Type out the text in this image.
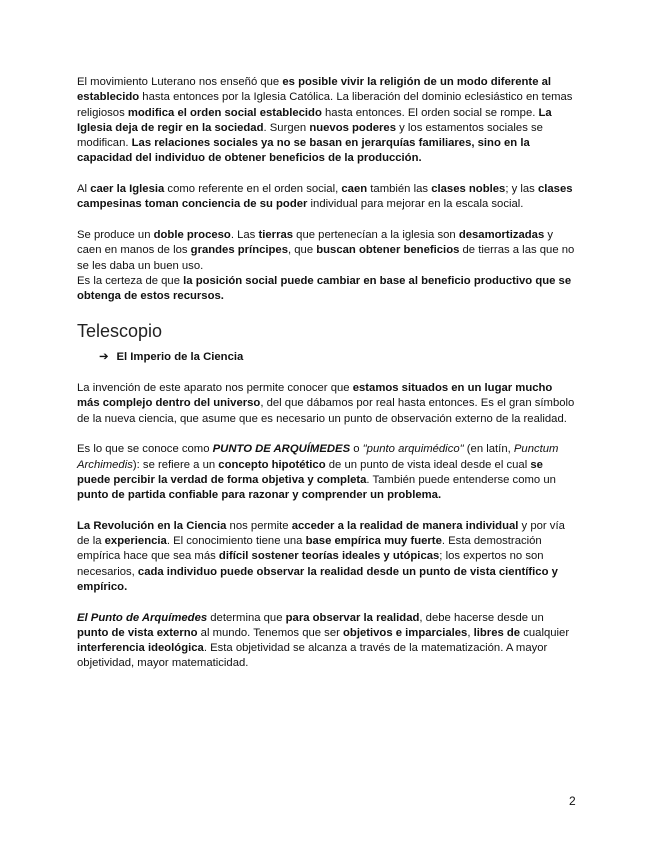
El movimiento Luterano nos enseñó que es posible vivir la religión de un modo diferente al establecido hasta entonces por la Iglesia Católica. La liberación del dominio eclesiástico en temas religiosos modifica el orden social establecido hasta entonces. El orden social se rompe. La Iglesia deja de regir en la sociedad. Surgen nuevos poderes y los estamentos sociales se modifican. Las relaciones sociales ya no se basan en jerarquías familiares, sino en la capacidad del individuo de obtener beneficios de la producción.

Al caer la Iglesia como referente en el orden social, caen también las clases nobles; y las clases campesinas toman conciencia de su poder individual para mejorar en la escala social.

Se produce un doble proceso. Las tierras que pertenecían a la iglesia son desamortizadas y caen en manos de los grandes príncipes, que buscan obtener beneficios de tierras a las que no se les daba un buen uso.

Es la certeza de que la posición social puede cambiar en base al beneficio productivo que se obtenga de estos recursos.

Telescopio
➔ El Imperio de la Ciencia

La invención de este aparato nos permite conocer que estamos situados en un lugar mucho más complejo dentro del universo, del que dábamos por real hasta entonces. Es el gran símbolo de la nueva ciencia, que asume que es necesario un punto de observación externo de la realidad.

Es lo que se conoce como PUNTO DE ARQUÍMEDES o "punto arquimédico" (en latín, Punctum Archimedis): se refiere a un concepto hipotético de un punto de vista ideal desde el cual se puede percibir la verdad de forma objetiva y completa. También puede entenderse como un punto de partida confiable para razonar y comprender un problema.

La Revolución en la Ciencia nos permite acceder a la realidad de manera individual y por vía de la experiencia. El conocimiento tiene una base empírica muy fuerte. Esta demostración empírica hace que sea más difícil sostener teorías ideales y utópicas; los expertos no son necesarios, cada individuo puede observar la realidad desde un punto de vista científico y empírico.

El Punto de Arquímedes determina que para observar la realidad, debe hacerse desde un punto de vista externo al mundo. Tenemos que ser objetivos e imparciales, libres de cualquier interferencia ideológica. Esta objetividad se alcanza a través de la matematización. A mayor objetividad, mayor matematicidad.

2
